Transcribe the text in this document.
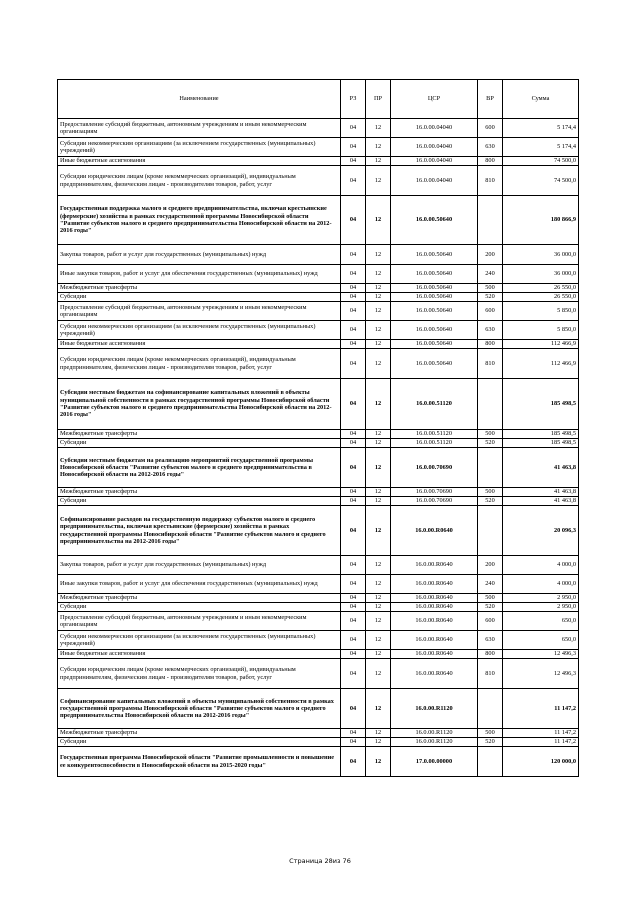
Наименование	РЗ	ПР	ЦСР	ВР	Сумма
Предоставление субсидий бюджетным, автономным учреждениям и иным некоммерческим организациям	04	12	16.0.00.04040	600	5 174,4
Субсидии некоммерческим организациям (за исключением государственных (муниципальных) учреждений)	04	12	16.0.00.04040	630	5 174,4
Иные бюджетные ассигнования	04	12	16.0.00.04040	800	74 500,0
Субсидии юридическим лицам (кроме некоммерческих организаций), индивидуальным предпринимателям, физическим лицам - производителям товаров, работ, услуг	04	12	16.0.00.04040	810	74 500,0
Государственная поддержка малого и среднего предпринимательства, включая крестьянские (фермерские) хозяйства в рамках государственной программы Новосибирской области "Развитие субъектов малого и среднего предпринимательства Новосибирской области на 2012-2016 годы"	04	12	16.0.00.50640		180 866,9
Закупка товаров, работ и услуг для государственных (муниципальных) нужд	04	12	16.0.00.50640	200	36 000,0
Иные закупки товаров, работ и услуг для обеспечения государственных (муниципальных) нужд	04	12	16.0.00.50640	240	36 000,0
Межбюджетные трансферты	04	12	16.0.00.50640	500	26 550,0
Субсидии	04	12	16.0.00.50640	520	26 550,0
Предоставление субсидий бюджетным, автономным учреждениям и иным некоммерческим организациям	04	12	16.0.00.50640	600	5 850,0
Субсидии некоммерческим организациям (за исключением государственных (муниципальных) учреждений)	04	12	16.0.00.50640	630	5 850,0
Иные бюджетные ассигнования	04	12	16.0.00.50640	800	112 466,9
Субсидии юридическим лицам (кроме некоммерческих организаций), индивидуальным предпринимателям, физическим лицам - производителям товаров, работ, услуг	04	12	16.0.00.50640	810	112 466,9
Субсидии местным бюджетам на софинансирование капитальных вложений в объекты муниципальной собственности в рамках государственной программы Новосибирской области "Развитие субъектов малого и среднего предпринимательства Новосибирской области на 2012-2016 годы"	04	12	16.0.00.51120		185 498,5
Межбюджетные трансферты	04	12	16.0.00.51120	500	185 498,5
Субсидии	04	12	16.0.00.51120	520	185 498,5
Субсидии местным бюджетам на реализацию мероприятий государственной программы Новосибирской области "Развитие субъектов малого и среднего предпринимательства в Новосибирской области на 2012-2016 годы"	04	12	16.0.00.70690		41 463,8
Межбюджетные трансферты	04	12	16.0.00.70690	500	41 463,8
Субсидии	04	12	16.0.00.70690	520	41 463,8
Софинансирование расходов на государственную поддержку субъектов малого и среднего предпринимательства, включая крестьянские (фермерские) хозяйства в рамках государственной программы Новосибирской области "Развитие субъектов малого и среднего предпринимательства на 2012-2016 годы"	04	12	16.0.00.R0640		20 096,3
Закупка товаров, работ и услуг для государственных (муниципальных) нужд	04	12	16.0.00.R0640	200	4 000,0
Иные закупки товаров, работ и услуг для обеспечения государственных (муниципальных) нужд	04	12	16.0.00.R0640	240	4 000,0
Межбюджетные трансферты	04	12	16.0.00.R0640	500	2 950,0
Субсидии	04	12	16.0.00.R0640	520	2 950,0
Предоставление субсидий бюджетным, автономным учреждениям и иным некоммерческим организациям	04	12	16.0.00.R0640	600	650,0
Субсидии некоммерческим организациям (за исключением государственных (муниципальных) учреждений)	04	12	16.0.00.R0640	630	650,0
Иные бюджетные ассигнования	04	12	16.0.00.R0640	800	12 496,3
Субсидии юридическим лицам (кроме некоммерческих организаций), индивидуальным предпринимателям, физическим лицам - производителям товаров, работ, услуг	04	12	16.0.00.R0640	810	12 496,3
Софинансирование капитальных вложений в объекты муниципальной собственности в рамках государственной программы Новосибирской области "Развитие субъектов малого и среднего предпринимательства Новосибирской области на 2012-2016 годы"	04	12	16.0.00.R1120		11 147,2
Межбюджетные трансферты	04	12	16.0.00.R1120	500	11 147,2
Субсидии	04	12	16.0.00.R1120	520	11 147,2
Государственная программа Новосибирской области "Развитие промышленности и повышение ее конкурентоспособности в Новосибирской области на 2015-2020 годы"	04	12	17.0.00.00000		120 000,0
Страница 28из 76
